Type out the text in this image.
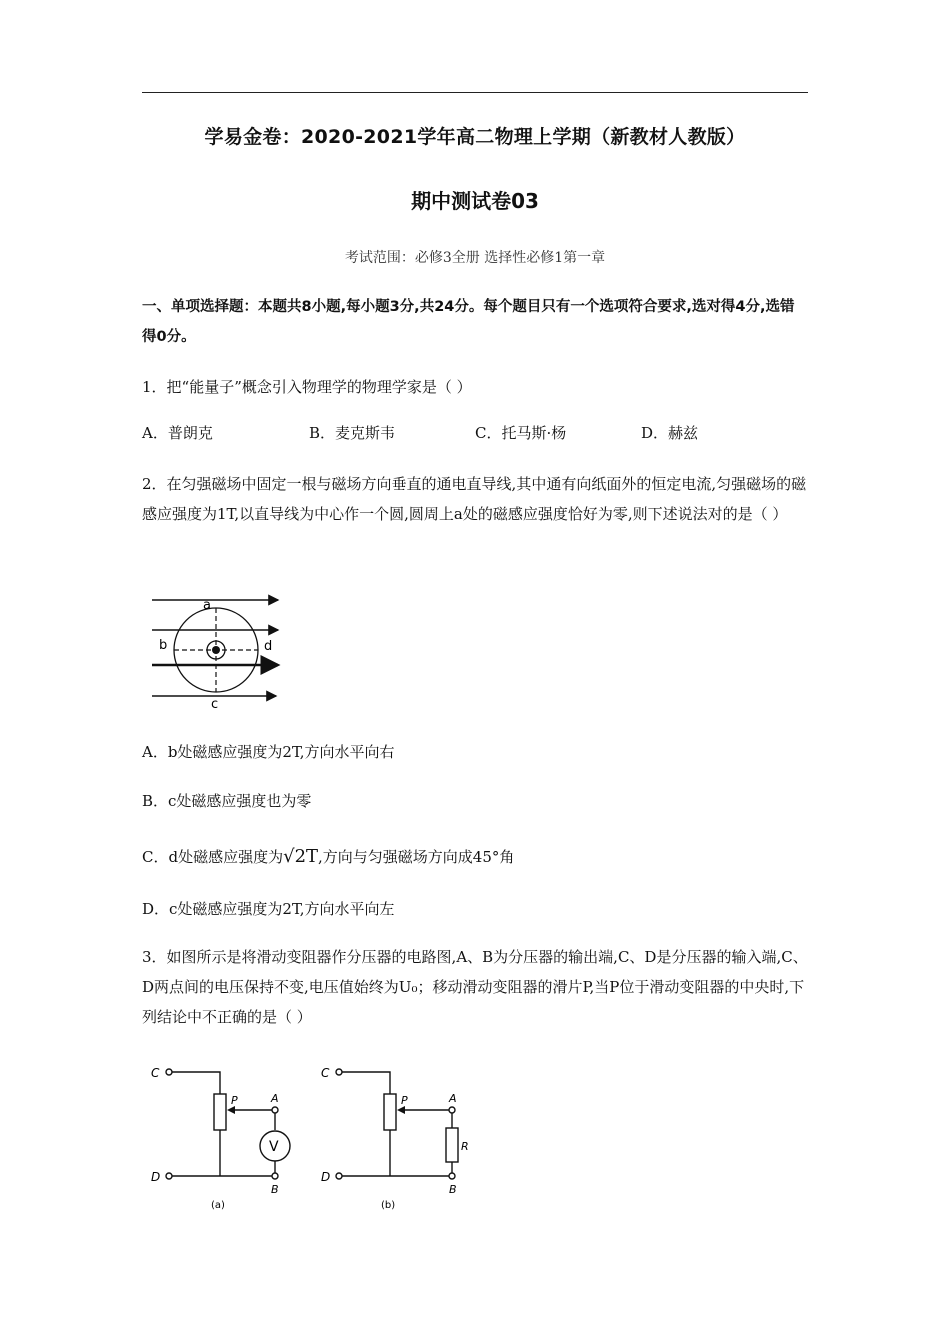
学易金卷：2020-2021学年高二物理上学期（新教材人教版）
期中测试卷03
考试范围：必修3全册 选择性必修1第一章
一、单项选择题：本题共8小题,每小题3分,共24分。每个题目只有一个选项符合要求,选对得4分,选错得0分。
1．把“能量子”概念引入物理学的物理学家是（ ）
A．普朗克	B．麦克斯韦	C．托马斯·杨	D．赫兹
2．在匀强磁场中固定一根与磁场方向垂直的通电直导线,其中通有向纸面外的恒定电流,匀强磁场的磁感应强度为1T,以直导线为中心作一个圆,圆周上a处的磁感应强度恰好为零,则下述说法对的是（ ）
a
b
c
d
A．b处磁感应强度为2T,方向水平向右
B．c处磁感应强度也为零
C．d处磁感应强度为√2T,方向与匀强磁场方向成45°角
D．c处磁感应强度为2T,方向水平向左
3．如图所示是将滑动变阻器作分压器的电路图,A、B为分压器的输出端,C、D是分压器的输入端,C、D两点间的电压保持不变,电压值始终为U₀；移动滑动变阻器的滑片P,当P位于滑动变阻器的中央时,下列结论中不正确的是（ ）
C
D
P	A
B
V
(a)
C
D
P	A
B
R
(b)
